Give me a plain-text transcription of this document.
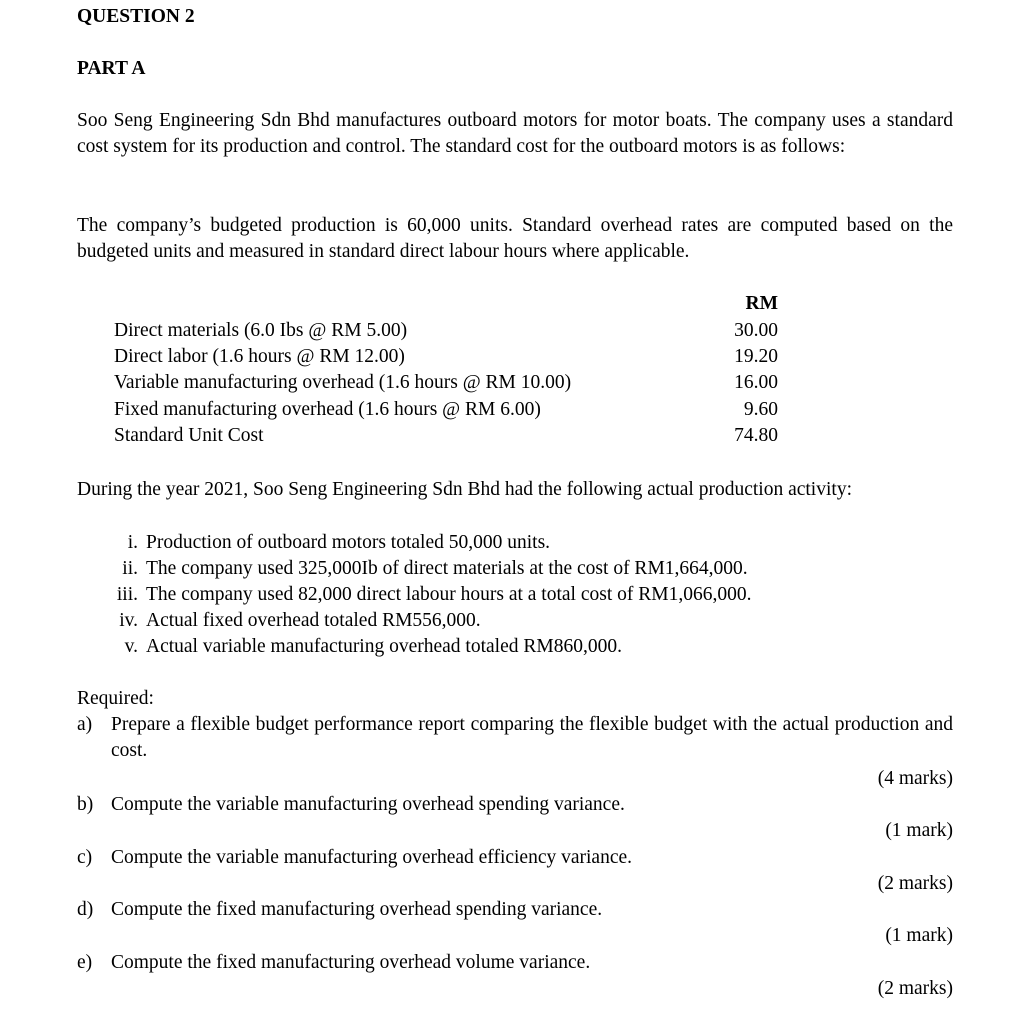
QUESTION 2
PART A
Soo Seng Engineering Sdn Bhd manufactures outboard motors for motor boats. The company uses a standard cost system for its production and control. The standard cost for the outboard motors is as follows:
The company’s budgeted production is 60,000 units. Standard overhead rates are computed based on the budgeted units and measured in standard direct labour hours where applicable.
RM
Direct materials (6.0 Ibs @ RM 5.00)	30.00
Direct labor (1.6 hours @ RM 12.00)	19.20
Variable manufacturing overhead (1.6 hours @ RM 10.00)	16.00
Fixed manufacturing overhead (1.6 hours @ RM 6.00)	9.60
Standard Unit Cost	74.80
During the year 2021, Soo Seng Engineering Sdn Bhd had the following actual production activity:
i. Production of outboard motors totaled 50,000 units.
ii. The company used 325,000Ib of direct materials at the cost of RM1,664,000.
iii. The company used 82,000 direct labour hours at a total cost of RM1,066,000.
iv. Actual fixed overhead totaled RM556,000.
v. Actual variable manufacturing overhead totaled RM860,000.
Required:
a) Prepare a flexible budget performance report comparing the flexible budget with the actual production and cost.
(4 marks)
b) Compute the variable manufacturing overhead spending variance.
(1 mark)
c) Compute the variable manufacturing overhead efficiency variance.
(2 marks)
d) Compute the fixed manufacturing overhead spending variance.
(1 mark)
e) Compute the fixed manufacturing overhead volume variance.
(2 marks)
